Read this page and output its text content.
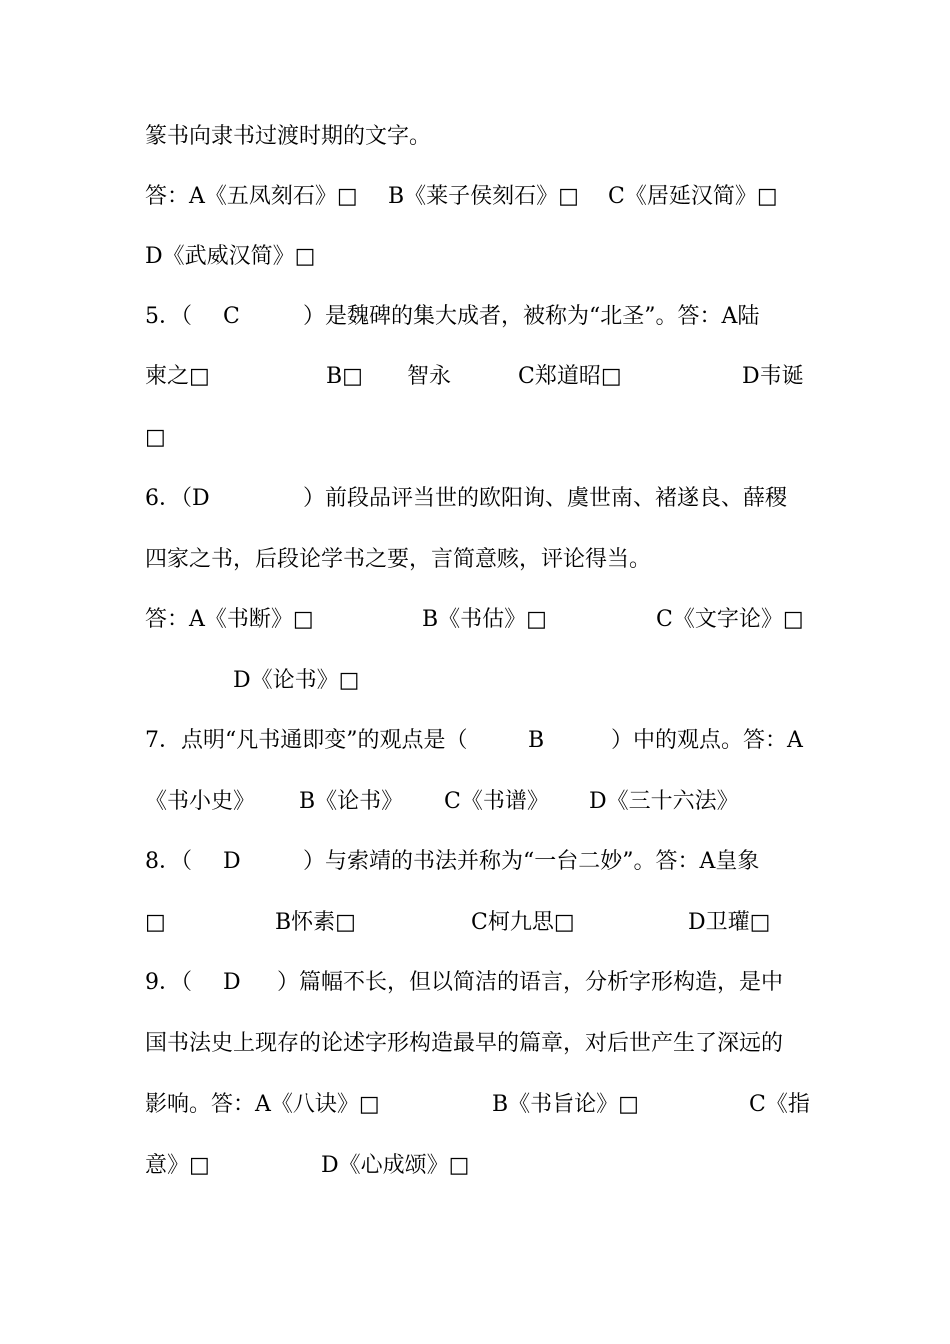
篆书向隶书过渡时期的文字。
答：A《五凤刻石》□ B《莱子侯刻石》□ C《居延汉简》□
D《武威汉简》□
5．（ C	）是魏碑的集大成者，被称为“北圣”。答：A陆
柬之□	B□ 智永	C郑道昭□	D韦诞
□
6．（D	）前段品评当世的欧阳询、虞世南、褚遂良、薛稷
四家之书，后段论学书之要，言简意赅，评论得当。
答：A《书断》□	B《书估》□	C《文字论》□
D《论书》□
7．点明“凡书通即变”的观点是（	B	）中的观点。答：A
《书小史》 B《论书》 C《书谱》 D《三十六法》
8．（ D	）与索靖的书法并称为“一台二妙”。答：A皇象
□	B怀素□	C柯九思□	D卫瓘□
9．（ D ）篇幅不长，但以简洁的语言，分析字形构造，是中
国书法史上现存的论述字形构造最早的篇章，对后世产生了深远的
影响。答：A《八诀》□	B《书旨论》□	C《指
意》□	D《心成颂》□
